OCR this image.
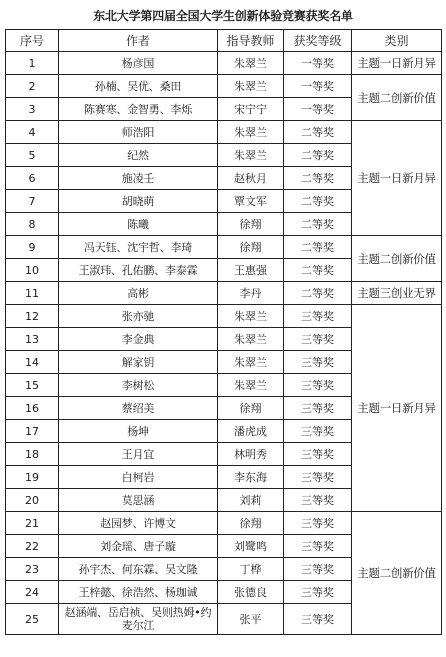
东北大学第四届全国大学生创新体验竞赛获奖名单
序号	作者	指导教师	获奖等级	类别
1	杨彦国	朱翠兰	一等奖	主题一日新月异
2	孙楠、吴优、桑田	朱翠兰	一等奖	主题二创新价值
3	陈赛寒、金智勇、李烁	宋宁宁	一等奖	
4	师浩阳	朱翠兰	二等奖	主题一日新月异
5	纪然	朱翠兰	二等奖	
6	施凌壬	赵秋月	二等奖	
7	胡晓萌	覃文军	二等奖	
8	陈曦	徐翔	二等奖	
9	冯天钰、沈宇哲、李琦	徐翔	二等奖	主题二创新价值
10	王淑玮、孔佑鹏、李泰霖	王惠强	二等奖	
11	高彬	李丹	二等奖	主题三创业无界
12	张亦驰	朱翠兰	三等奖	主题一日新月异
13	李金典	朱翠兰	三等奖	
14	解家钥	朱翠兰	三等奖	
15	李树松	朱翠兰	三等奖	
16	蔡绍美	徐翔	三等奖	
17	杨坤	潘虎成	三等奖	
18	王月宜	林明秀	三等奖	
19	白柯岩	李东海	三等奖	
20	莫思涵	刘莉	三等奖	
21	赵园梦、许博文	徐翔	三等奖	主题二创新价值
22	刘金瑶、唐子璇	刘鹭鸣	三等奖	
23	孙宇杰、何东霖、吴文隆	丁桦	三等奖	
24	王梓懿、徐浩然、杨珈诚	张德良	三等奖	
25	赵涵端、岳启祯、吴则热姆•约麦尔江	张平	三等奖	
